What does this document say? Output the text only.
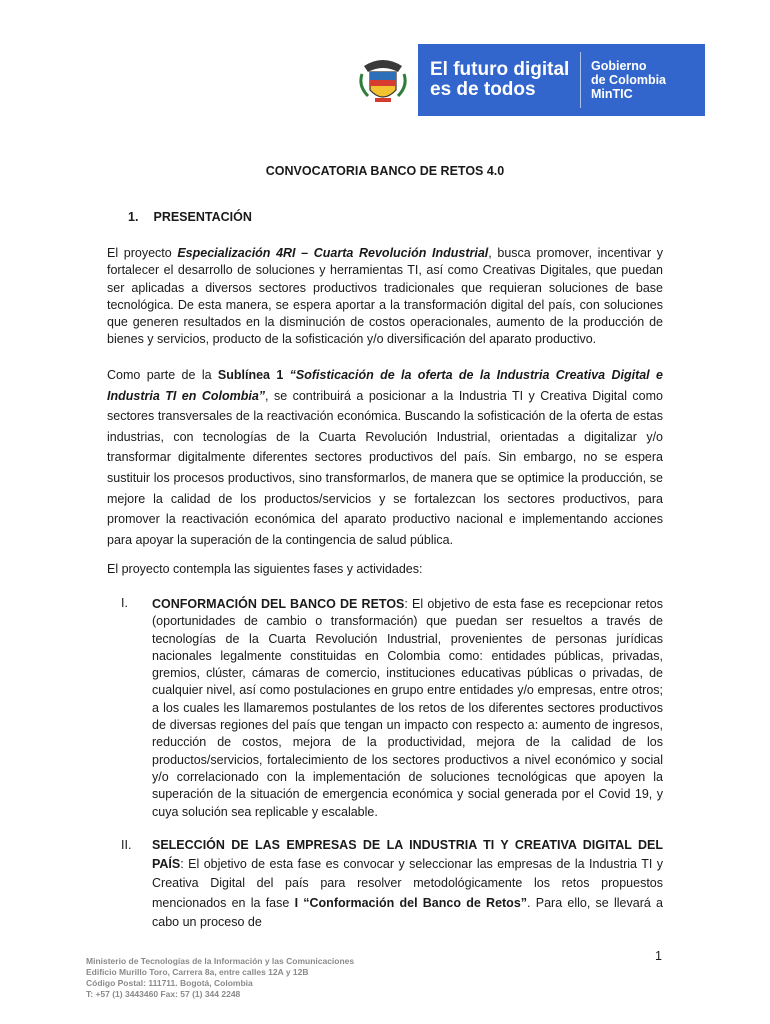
El futuro digital
es de todos
Gobierno
de Colombia
MinTIC
CONVOCATORIA BANCO DE RETOS 4.0
1. PRESENTACIÓN
El proyecto Especialización 4RI – Cuarta Revolución Industrial, busca promover, incentivar y fortalecer el desarrollo de soluciones y herramientas TI, así como Creativas Digitales, que puedan ser aplicadas a diversos sectores productivos tradicionales que requieran soluciones de base tecnológica. De esta manera, se espera aportar a la transformación digital del país, con soluciones que generen resultados en la disminución de costos operacionales, aumento de la producción de bienes y servicios, producto de la sofisticación y/o diversificación del aparato productivo.
Como parte de la Sublínea 1 “Sofisticación de la oferta de la Industria Creativa Digital e Industria TI en Colombia”, se contribuirá a posicionar a la Industria TI y Creativa Digital como sectores transversales de la reactivación económica. Buscando la sofisticación de la oferta de estas industrias, con tecnologías de la Cuarta Revolución Industrial, orientadas a digitalizar y/o transformar digitalmente diferentes sectores productivos del país. Sin embargo, no se espera sustituir los procesos productivos, sino transformarlos, de manera que se optimice la producción, se mejore la calidad de los productos/servicios y se fortalezcan los sectores productivos, para promover la reactivación económica del aparato productivo nacional e implementando acciones para apoyar la superación de la contingencia de salud pública.
El proyecto contempla las siguientes fases y actividades:
I. CONFORMACIÓN DEL BANCO DE RETOS: El objetivo de esta fase es recepcionar retos (oportunidades de cambio o transformación) que puedan ser resueltos a través de tecnologías de la Cuarta Revolución Industrial, provenientes de personas jurídicas nacionales legalmente constituidas en Colombia como: entidades públicas, privadas, gremios, clúster, cámaras de comercio, instituciones educativas públicas o privadas, de cualquier nivel, así como postulaciones en grupo entre entidades y/o empresas, entre otros; a los cuales les llamaremos postulantes de los retos de los diferentes sectores productivos de diversas regiones del país que tengan un impacto con respecto a: aumento de ingresos, reducción de costos, mejora de la productividad, mejora de la calidad de los productos/servicios, fortalecimiento de los sectores productivos a nivel económico y social y/o correlacionado con la implementación de soluciones tecnológicas que apoyen la superación de la situación de emergencia económica y social generada por el Covid 19, y cuya solución sea replicable y escalable.
II. SELECCIÓN DE LAS EMPRESAS DE LA INDUSTRIA TI Y CREATIVA DIGITAL DEL PAÍS: El objetivo de esta fase es convocar y seleccionar las empresas de la Industria TI y Creativa Digital del país para resolver metodológicamente los retos propuestos mencionados en la fase I “Conformación del Banco de Retos”. Para ello, se llevará a cabo un proceso de
1
Ministerio de Tecnologías de la Información y las Comunicaciones
Edificio Murillo Toro, Carrera 8a, entre calles 12A y 12B
Código Postal: 111711. Bogotá, Colombia
T: +57 (1) 3443460 Fax: 57 (1) 344 2248
